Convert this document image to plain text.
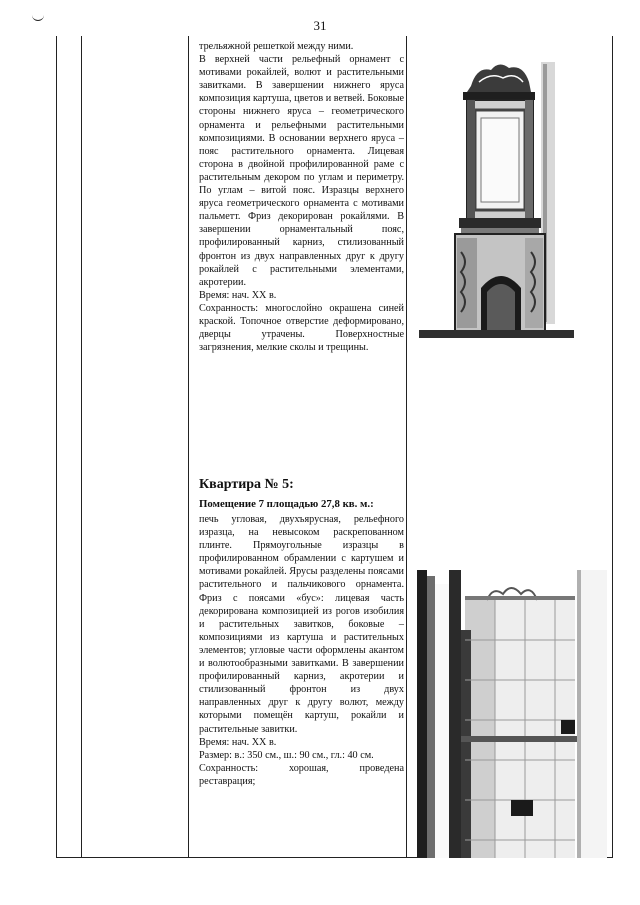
31
трельяжной решеткой между ними.
В верхней части рельефный орнамент с мотивами рокайлей, волют и растительными завитками. В завершении нижнего яруса композиция картуша, цветов и ветвей. Боковые стороны нижнего яруса – геометрического орнамента и рельефными растительными композициями. В основании верхнего яруса – пояс растительного орнамента. Лицевая сторона в двойной профилированной раме с растительным декором по углам и периметру. По углам – витой пояс. Изразцы верхнего яруса геометрического орнамента с мотивами пальметт. Фриз декорирован рокайлями. В завершении орнаментальный пояс, профилированный карниз, стилизованный фронтон из двух направленных друг к другу рокайлей с растительными элементами, акротерии.
Время: нач. XX в.
Сохранность: многослойно окрашена синей краской. Топочное отверстие деформировано, дверцы утрачены. Поверхностные загрязнения, мелкие сколы и трещины.
Квартира № 5:
Помещение 7 площадью 27,8 кв. м.:
печь угловая, двухъярусная, рельефного изразца, на невысоком раскрепованном плинте. Прямоугольные изразцы в профилированном обрамлении с картушем и мотивами рокайлей. Ярусы разделены поясами растительного и пальчикового орнамента. Фриз с поясами «бус»: лицевая часть декорирована композицией из рогов изобилия и растительных завитков, боковые – композициями из картуша и растительных элементов; угловые части оформлены акантом и волютообразными завитками. В завершении профилированный карниз, акротерии и стилизованный фронтон из двух направленных друг к другу волют, между которыми помещён картуш, рокайли и растительные завитки.
Время: нач. XX в.
Размер: в.: 350 см., ш.: 90 см., гл.: 40 см.
Сохранность: хорошая, проведена реставрация;
